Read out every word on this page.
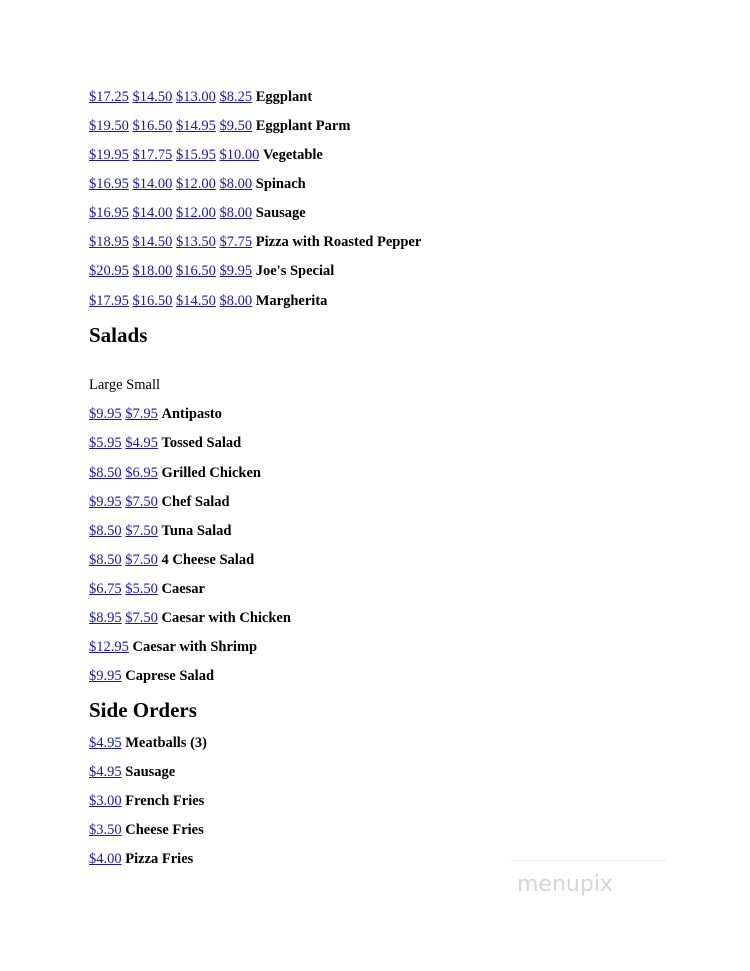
$17.25 $14.50 $13.00 $8.25 Eggplant
$19.50 $16.50 $14.95 $9.50 Eggplant Parm
$19.95 $17.75 $15.95 $10.00 Vegetable
$16.95 $14.00 $12.00 $8.00 Spinach
$16.95 $14.00 $12.00 $8.00 Sausage
$18.95 $14.50 $13.50 $7.75 Pizza with Roasted Pepper
$20.95 $18.00 $16.50 $9.95 Joe's Special
$17.95 $16.50 $14.50 $8.00 Margherita
Salads
Large Small
$9.95 $7.95 Antipasto
$5.95 $4.95 Tossed Salad
$8.50 $6.95 Grilled Chicken
$9.95 $7.50 Chef Salad
$8.50 $7.50 Tuna Salad
$8.50 $7.50 4 Cheese Salad
$6.75 $5.50 Caesar
$8.95 $7.50 Caesar with Chicken
$12.95 Caesar with Shrimp
$9.95 Caprese Salad
Side Orders
$4.95 Meatballs (3)
$4.95 Sausage
$3.00 French Fries
$3.50 Cheese Fries
$4.00 Pizza Fries
menupix
